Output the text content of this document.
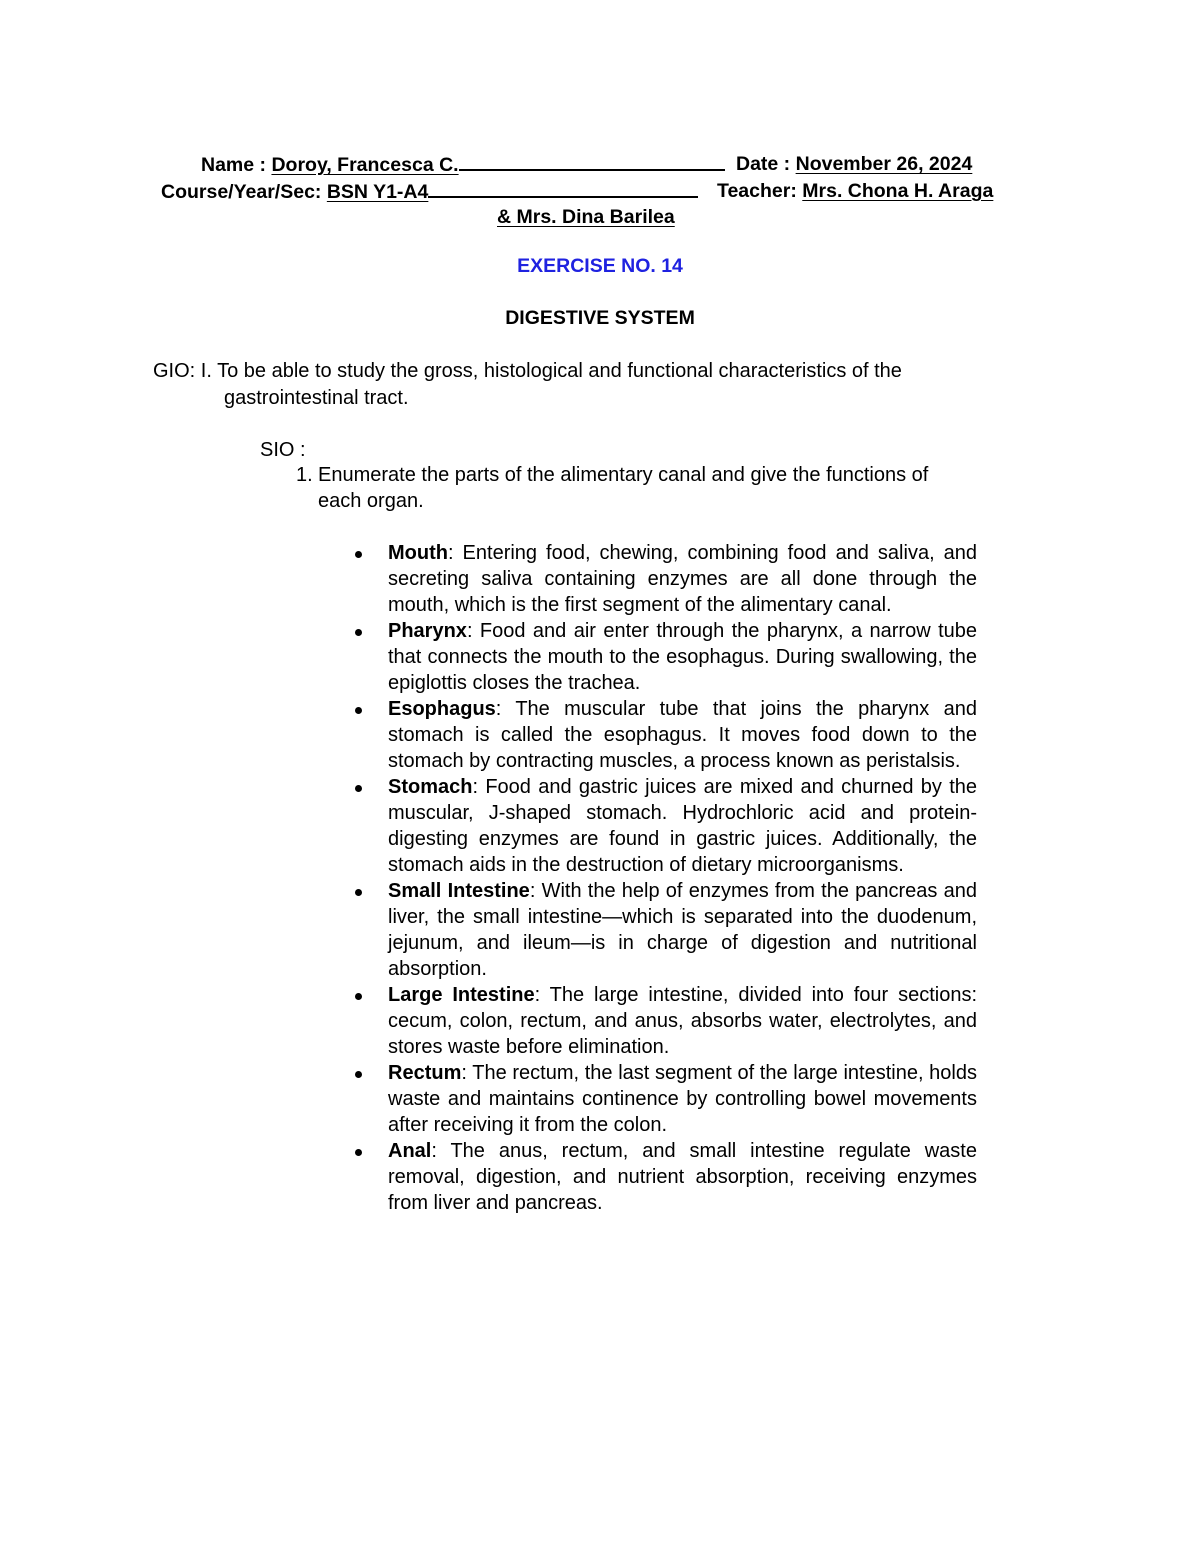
Name : Doroy, Francesca C.	Date : November 26, 2024
Course/Year/Sec: BSN Y1-A4	Teacher: Mrs. Chona H. Araga
& Mrs. Dina Barilea
EXERCISE NO. 14
DIGESTIVE SYSTEM
GIO: I. To be able to study the gross, histological and functional characteristics of the
gastrointestinal tract.
SIO :
1. Enumerate the parts of the alimentary canal and give the functions of
each organ.
Mouth: Entering food, chewing, combining food and saliva, and secreting saliva containing enzymes are all done through the mouth, which is the first segment of the alimentary canal.
Pharynx: Food and air enter through the pharynx, a narrow tube that connects the mouth to the esophagus. During swallowing, the epiglottis closes the trachea.
Esophagus: The muscular tube that joins the pharynx and stomach is called the esophagus. It moves food down to the stomach by contracting muscles, a process known as peristalsis.
Stomach: Food and gastric juices are mixed and churned by the muscular, J-shaped stomach. Hydrochloric acid and protein-digesting enzymes are found in gastric juices. Additionally, the stomach aids in the destruction of dietary microorganisms.
Small Intestine: With the help of enzymes from the pancreas and liver, the small intestine—which is separated into the duodenum, jejunum, and ileum—is in charge of digestion and nutritional absorption.
Large Intestine: The large intestine, divided into four sections: cecum, colon, rectum, and anus, absorbs water, electrolytes, and stores waste before elimination.
Rectum: The rectum, the last segment of the large intestine, holds waste and maintains continence by controlling bowel movements after receiving it from the colon.
Anal: The anus, rectum, and small intestine regulate waste removal, digestion, and nutrient absorption, receiving enzymes from liver and pancreas.
